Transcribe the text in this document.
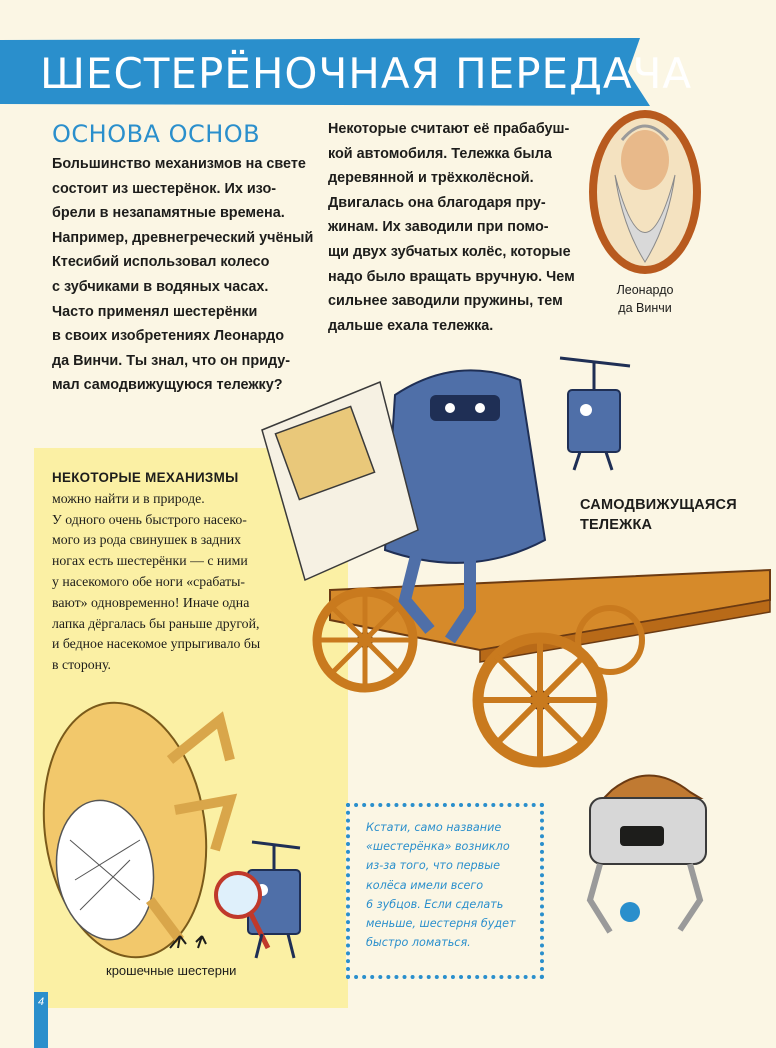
ШЕСТЕРЁНОЧНАЯ ПЕРЕДАЧА
ОСНОВА ОСНОВ
Большинство механизмов на свете
состоит из шестерёнок. Их изо-
брели в незапамятные времена.
Например, древнегреческий учёный
Ктесибий использовал колесо
с зубчиками в водяных часах.
Часто применял шестерёнки
в своих изобретениях Леонардо
да Винчи. Ты знал, что он приду-
мал самодвижущуюся тележку?
Некоторые считают её прабабуш-
кой автомобиля. Тележка была
деревянной и трёхколёсной.
Двигалась она благодаря пру-
жинам. Их заводили при помо-
щи двух зубчатых колёс, которые
надо было вращать вручную. Чем
сильнее заводили пружины, тем
дальше ехала тележка.
Леонардо
да Винчи
НЕКОТОРЫЕ МЕХАНИЗМЫ
можно найти и в природе.
У одного очень быстрого насеко-
мого из рода свинушек в задних
ногах есть шестерёнки — с ними
у насекомого обе ноги «срабаты-
вают» одновременно! Иначе одна
лапка дёргалась бы раньше другой,
и бедное насекомое упрыгивало бы
в сторону.
САМОДВИЖУЩАЯСЯ
ТЕЛЕЖКА
Кстати, само название
«шестерёнка» возникло
из-за того, что первые
колёса имели всего
6 зубцов. Если сделать
меньше, шестерня будет
быстро ломаться.
крошечные шестерни
4
